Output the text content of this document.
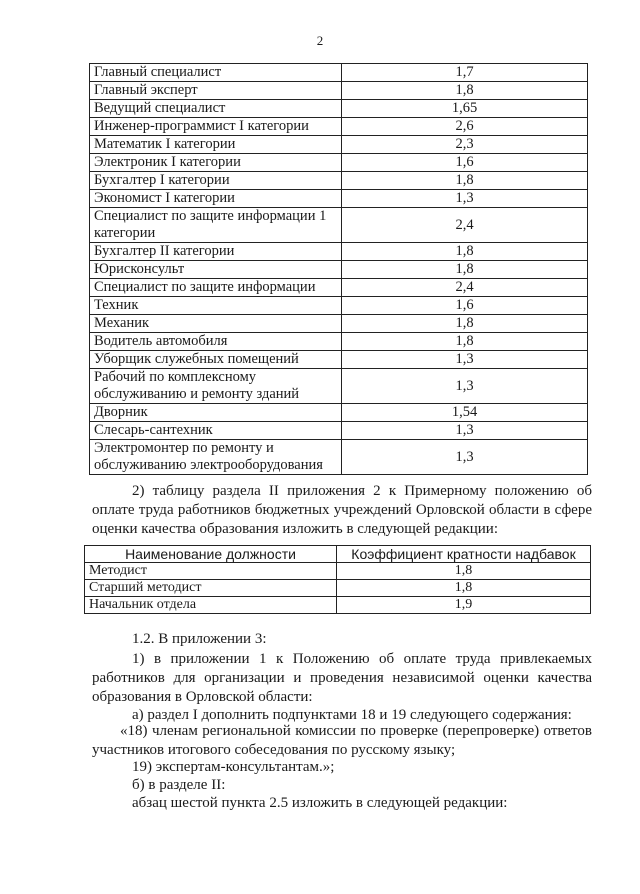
2
Главный специалист	1,7
Главный эксперт	1,8
Ведущий специалист	1,65
Инженер-программист I категории	2,6
Математик I категории	2,3
Электроник I категории	1,6
Бухгалтер I категории	1,8
Экономист I категории	1,3
Специалист по защите информации 1 категории	2,4
Бухгалтер II категории	1,8
Юрисконсульт	1,8
Специалист по защите информации	2,4
Техник	1,6
Механик	1,8
Водитель автомобиля	1,8
Уборщик служебных помещений	1,3
Рабочий по комплексному обслуживанию и ремонту зданий	1,3
Дворник	1,54
Слесарь-сантехник	1,3
Электромонтер по ремонту и обслуживанию электрооборудования	1,3
2) таблицу раздела II приложения 2 к Примерному положению об оплате труда работников бюджетных учреждений Орловской области в сфере оценки качества образования изложить в следующей редакции:
Наименование должности	Коэффициент кратности надбавок
Методист	1,8
Старший методист	1,8
Начальник отдела	1,9
1.2. В приложении 3:
1) в приложении 1 к Положению об оплате труда привлекаемых работников для организации и проведения независимой оценки качества образования в Орловской области:
а) раздел I дополнить подпунктами 18 и 19 следующего содержания:
«18) членам региональной комиссии по проверке (перепроверке) ответов участников итогового собеседования по русскому языку;
19) экспертам-консультантам.»;
б) в разделе II:
абзац шестой пункта 2.5 изложить в следующей редакции:
